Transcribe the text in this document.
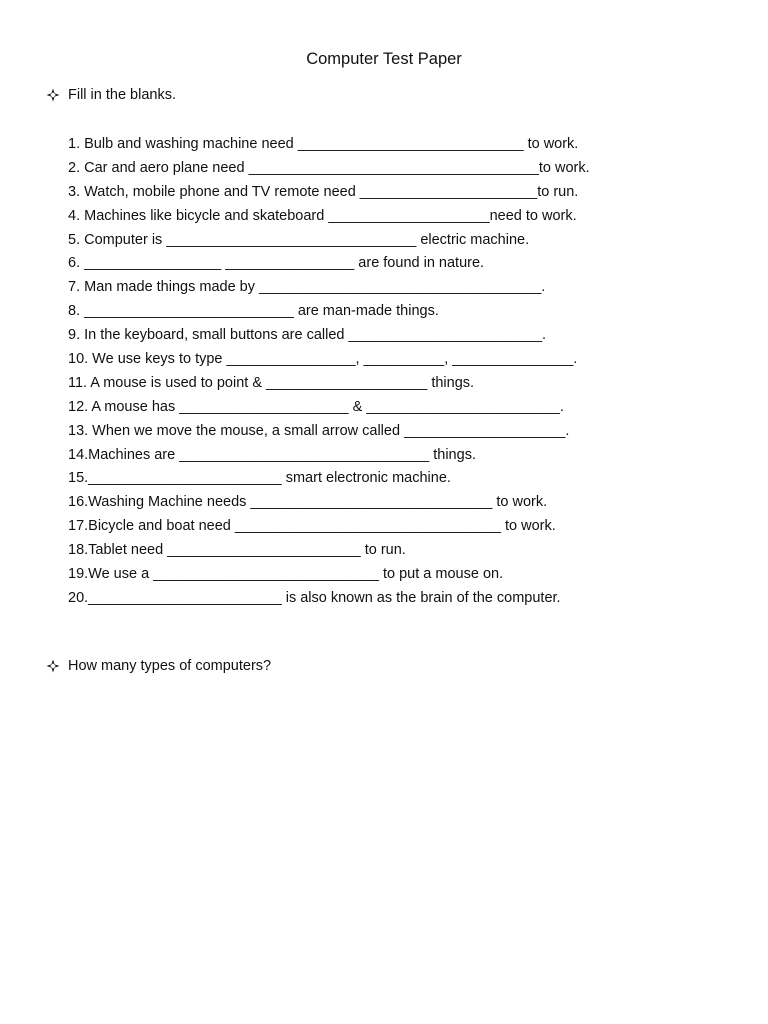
Computer Test Paper
Fill in the blanks.
1. Bulb and washing machine need ____________________________ to work.
2. Car and aero plane need ____________________________________to work.
3. Watch, mobile phone and TV remote need ______________________to run.
4. Machines like bicycle and skateboard ____________________need to work.
5. Computer is _______________________________ electric machine.
6. _________________ ________________ are found in nature.
7. Man made things made by ___________________________________.
8. __________________________ are man-made things.
9. In the keyboard, small buttons are called ________________________.
10. We use keys to type ________________, __________, _______________.
11. A mouse is used to point & ____________________ things.
12. A mouse has _____________________ & ________________________.
13. When we move the mouse, a small arrow called ____________________.
14.Machines are _______________________________ things.
15.________________________ smart electronic machine.
16.Washing Machine needs ______________________________ to work.
17.Bicycle and boat need _________________________________ to work.
18.Tablet need ________________________ to run.
19.We use a ____________________________ to put a mouse on.
20.________________________ is also known as the brain of the computer.
How many types of computers?
